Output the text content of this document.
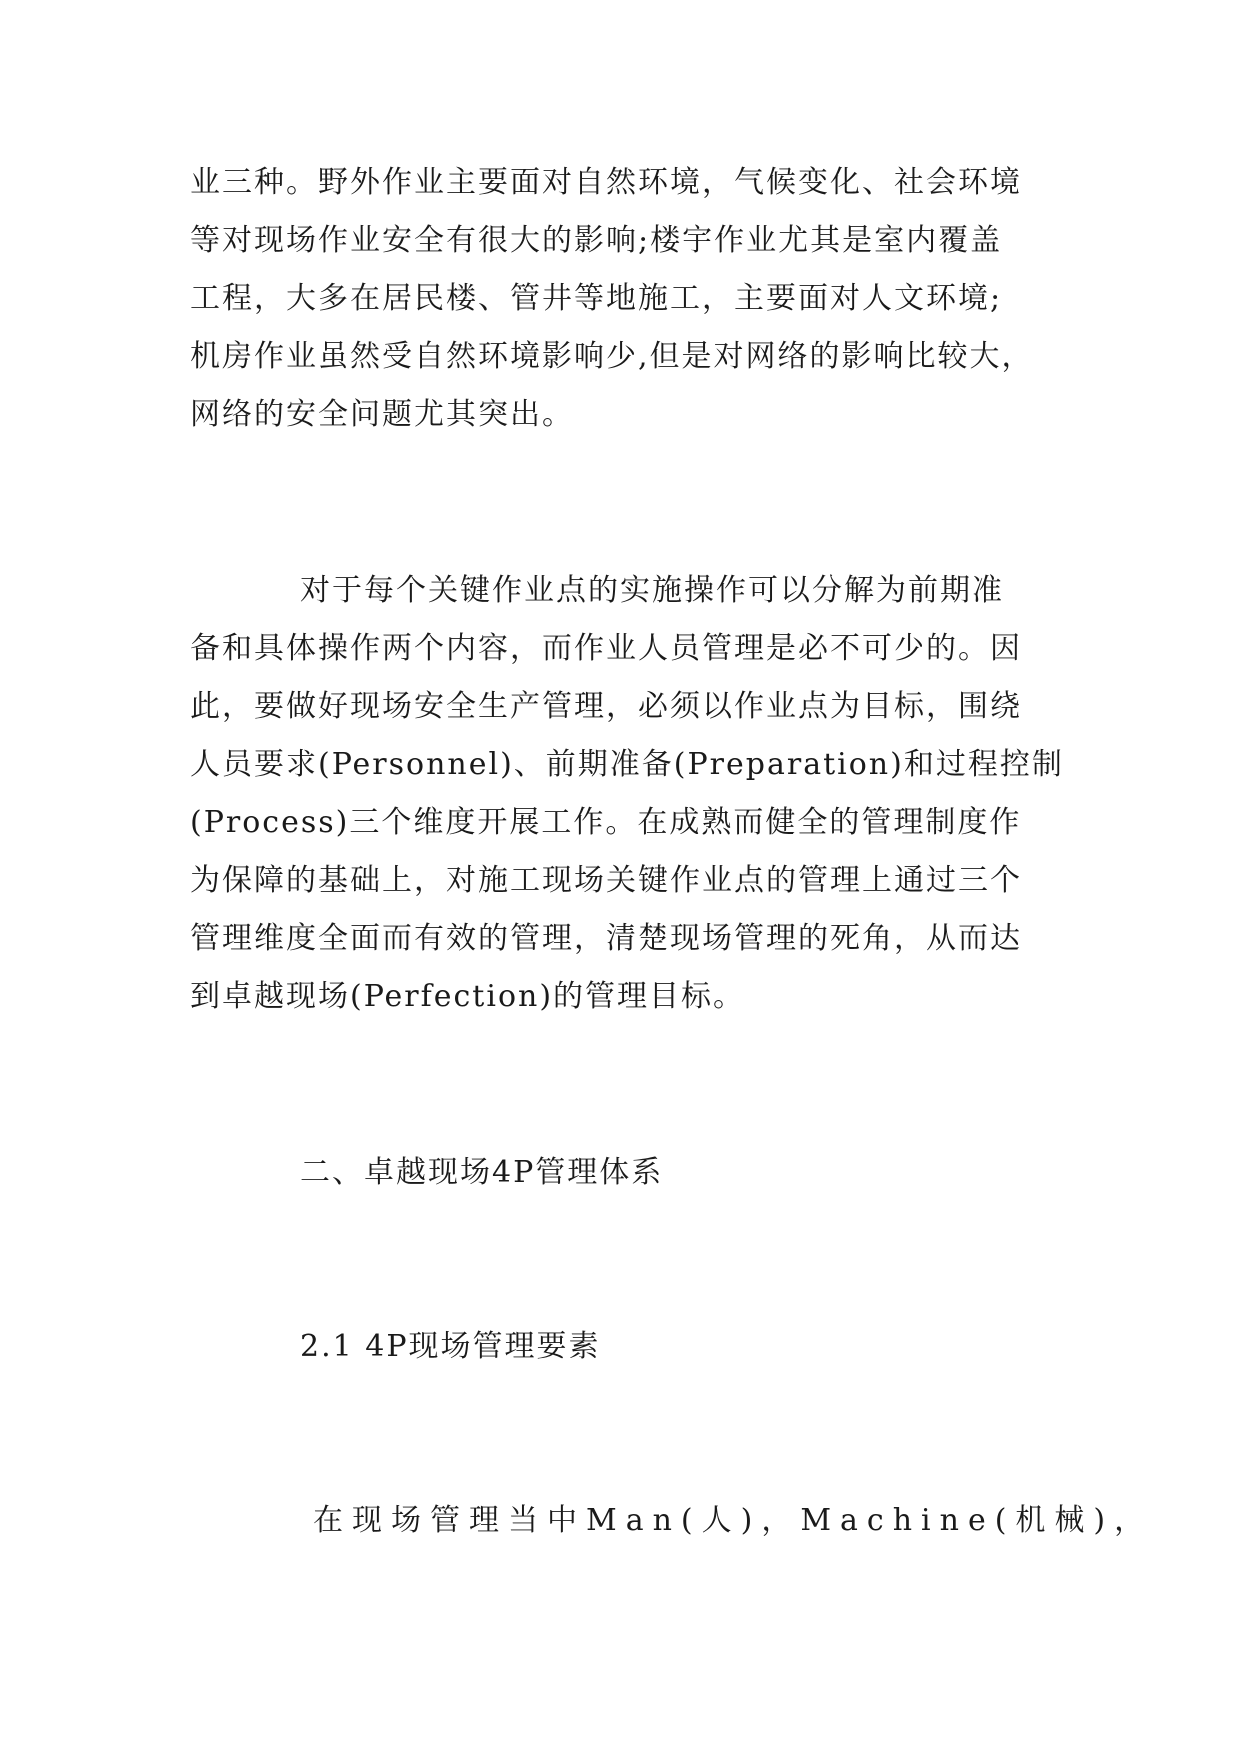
业三种。野外作业主要面对自然环境，气候变化、社会环境
等对现场作业安全有很大的影响;楼宇作业尤其是室内覆盖
工程，大多在居民楼、管井等地施工，主要面对人文环境;
机房作业虽然受自然环境影响少,但是对网络的影响比较大，
网络的安全问题尤其突出。
对于每个关键作业点的实施操作可以分解为前期准
备和具体操作两个内容，而作业人员管理是必不可少的。因
此，要做好现场安全生产管理，必须以作业点为目标，围绕
人员要求(Personnel)、前期准备(Preparation)和过程控制
(Process)三个维度开展工作。在成熟而健全的管理制度作
为保障的基础上，对施工现场关键作业点的管理上通过三个
管理维度全面而有效的管理，清楚现场管理的死角，从而达
到卓越现场(Perfection)的管理目标。
二、卓越现场4P管理体系
2.1 4P现场管理要素
在现场管理当中Man(人)，Machine(机械)，
